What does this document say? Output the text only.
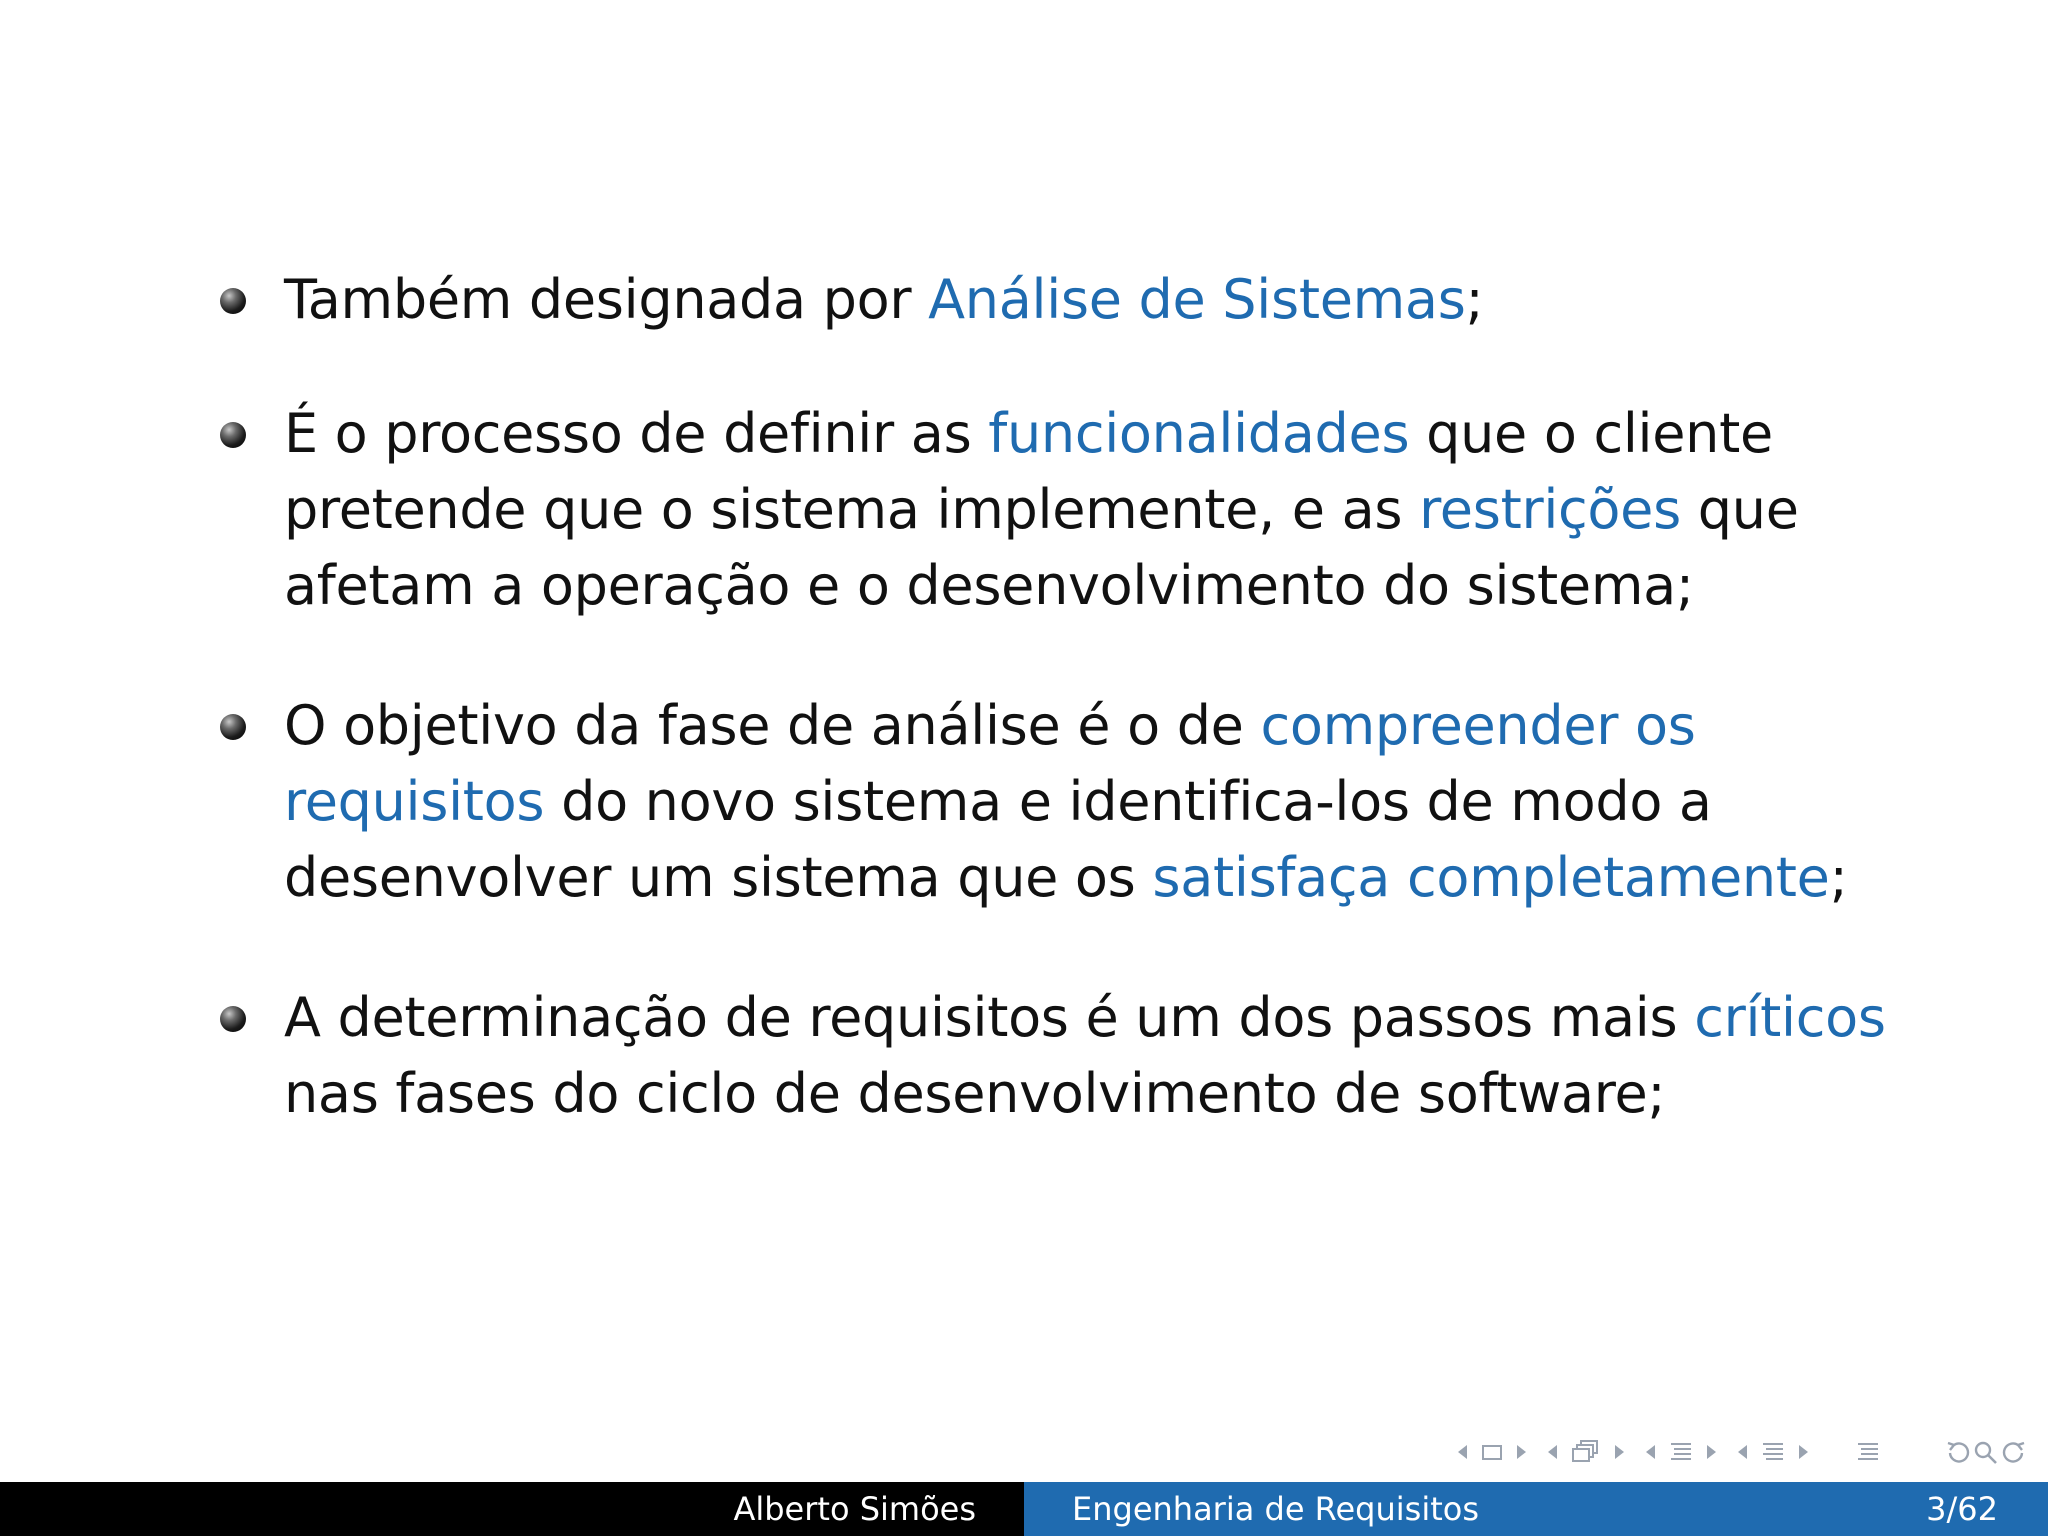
Também designada por Análise de Sistemas;
É o processo de definir as funcionalidades que o cliente pretende que o sistema implemente, e as restrições que afetam a operação e o desenvolvimento do sistema;
O objetivo da fase de análise é o de compreender os requisitos do novo sistema e identifica-los de modo a desenvolver um sistema que os satisfaça completamente;
A determinação de requisitos é um dos passos mais críticos nas fases do ciclo de desenvolvimento de software;
Alberto Simões	Engenharia de Requisitos	3/62
